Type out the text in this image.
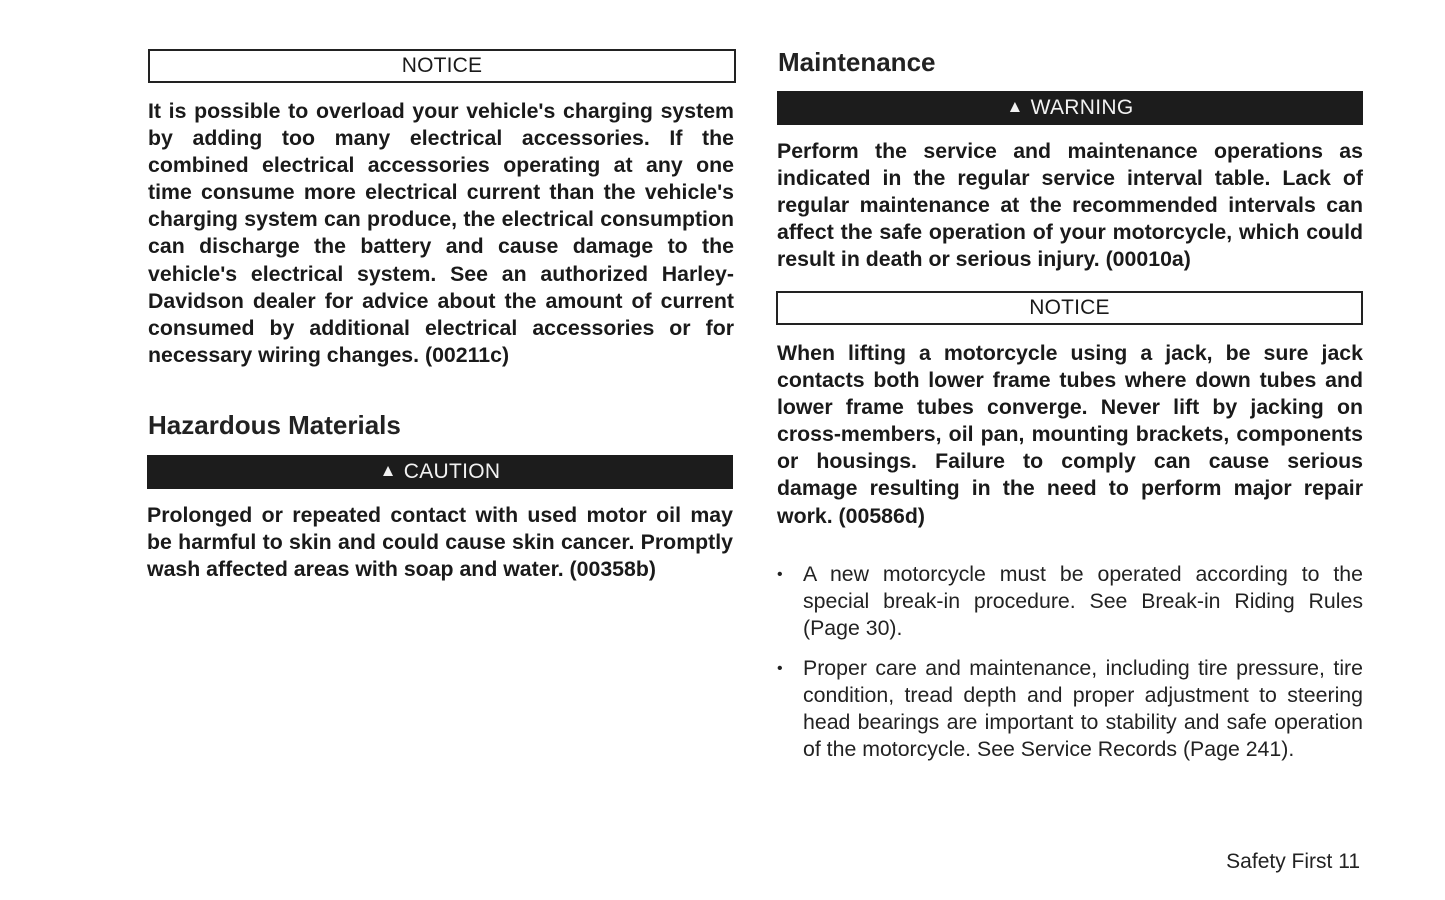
NOTICE

It is possible to overload your vehicle's charging system by adding too many electrical accessories. If the combined electrical accessories operating at any one time consume more electrical current than the vehicle's charging system can produce, the electrical consumption can discharge the battery and cause damage to the vehicle's electrical system. See an authorized Harley-Davidson dealer for advice about the amount of current consumed by additional electrical accessories or for necessary wiring changes. (00211c)

Hazardous Materials
▲ CAUTION

Prolonged or repeated contact with used motor oil may be harmful to skin and could cause skin cancer. Promptly wash affected areas with soap and water. (00358b)

Maintenance
▲ WARNING

Perform the service and maintenance operations as indicated in the regular service interval table. Lack of regular maintenance at the recommended intervals can affect the safe operation of your motorcycle, which could result in death or serious injury. (00010a)

NOTICE

When lifting a motorcycle using a jack, be sure jack contacts both lower frame tubes where down tubes and lower frame tubes converge. Never lift by jacking on cross-members, oil pan, mounting brackets, components or housings. Failure to comply can cause serious damage resulting in the need to perform major repair work. (00586d)

• A new motorcycle must be operated according to the special break-in procedure. See Break-in Riding Rules (Page 30).
• Proper care and maintenance, including tire pressure, tire condition, tread depth and proper adjustment to steering head bearings are important to stability and safe operation of the motorcycle. See Service Records (Page 241).
Safety First 11
